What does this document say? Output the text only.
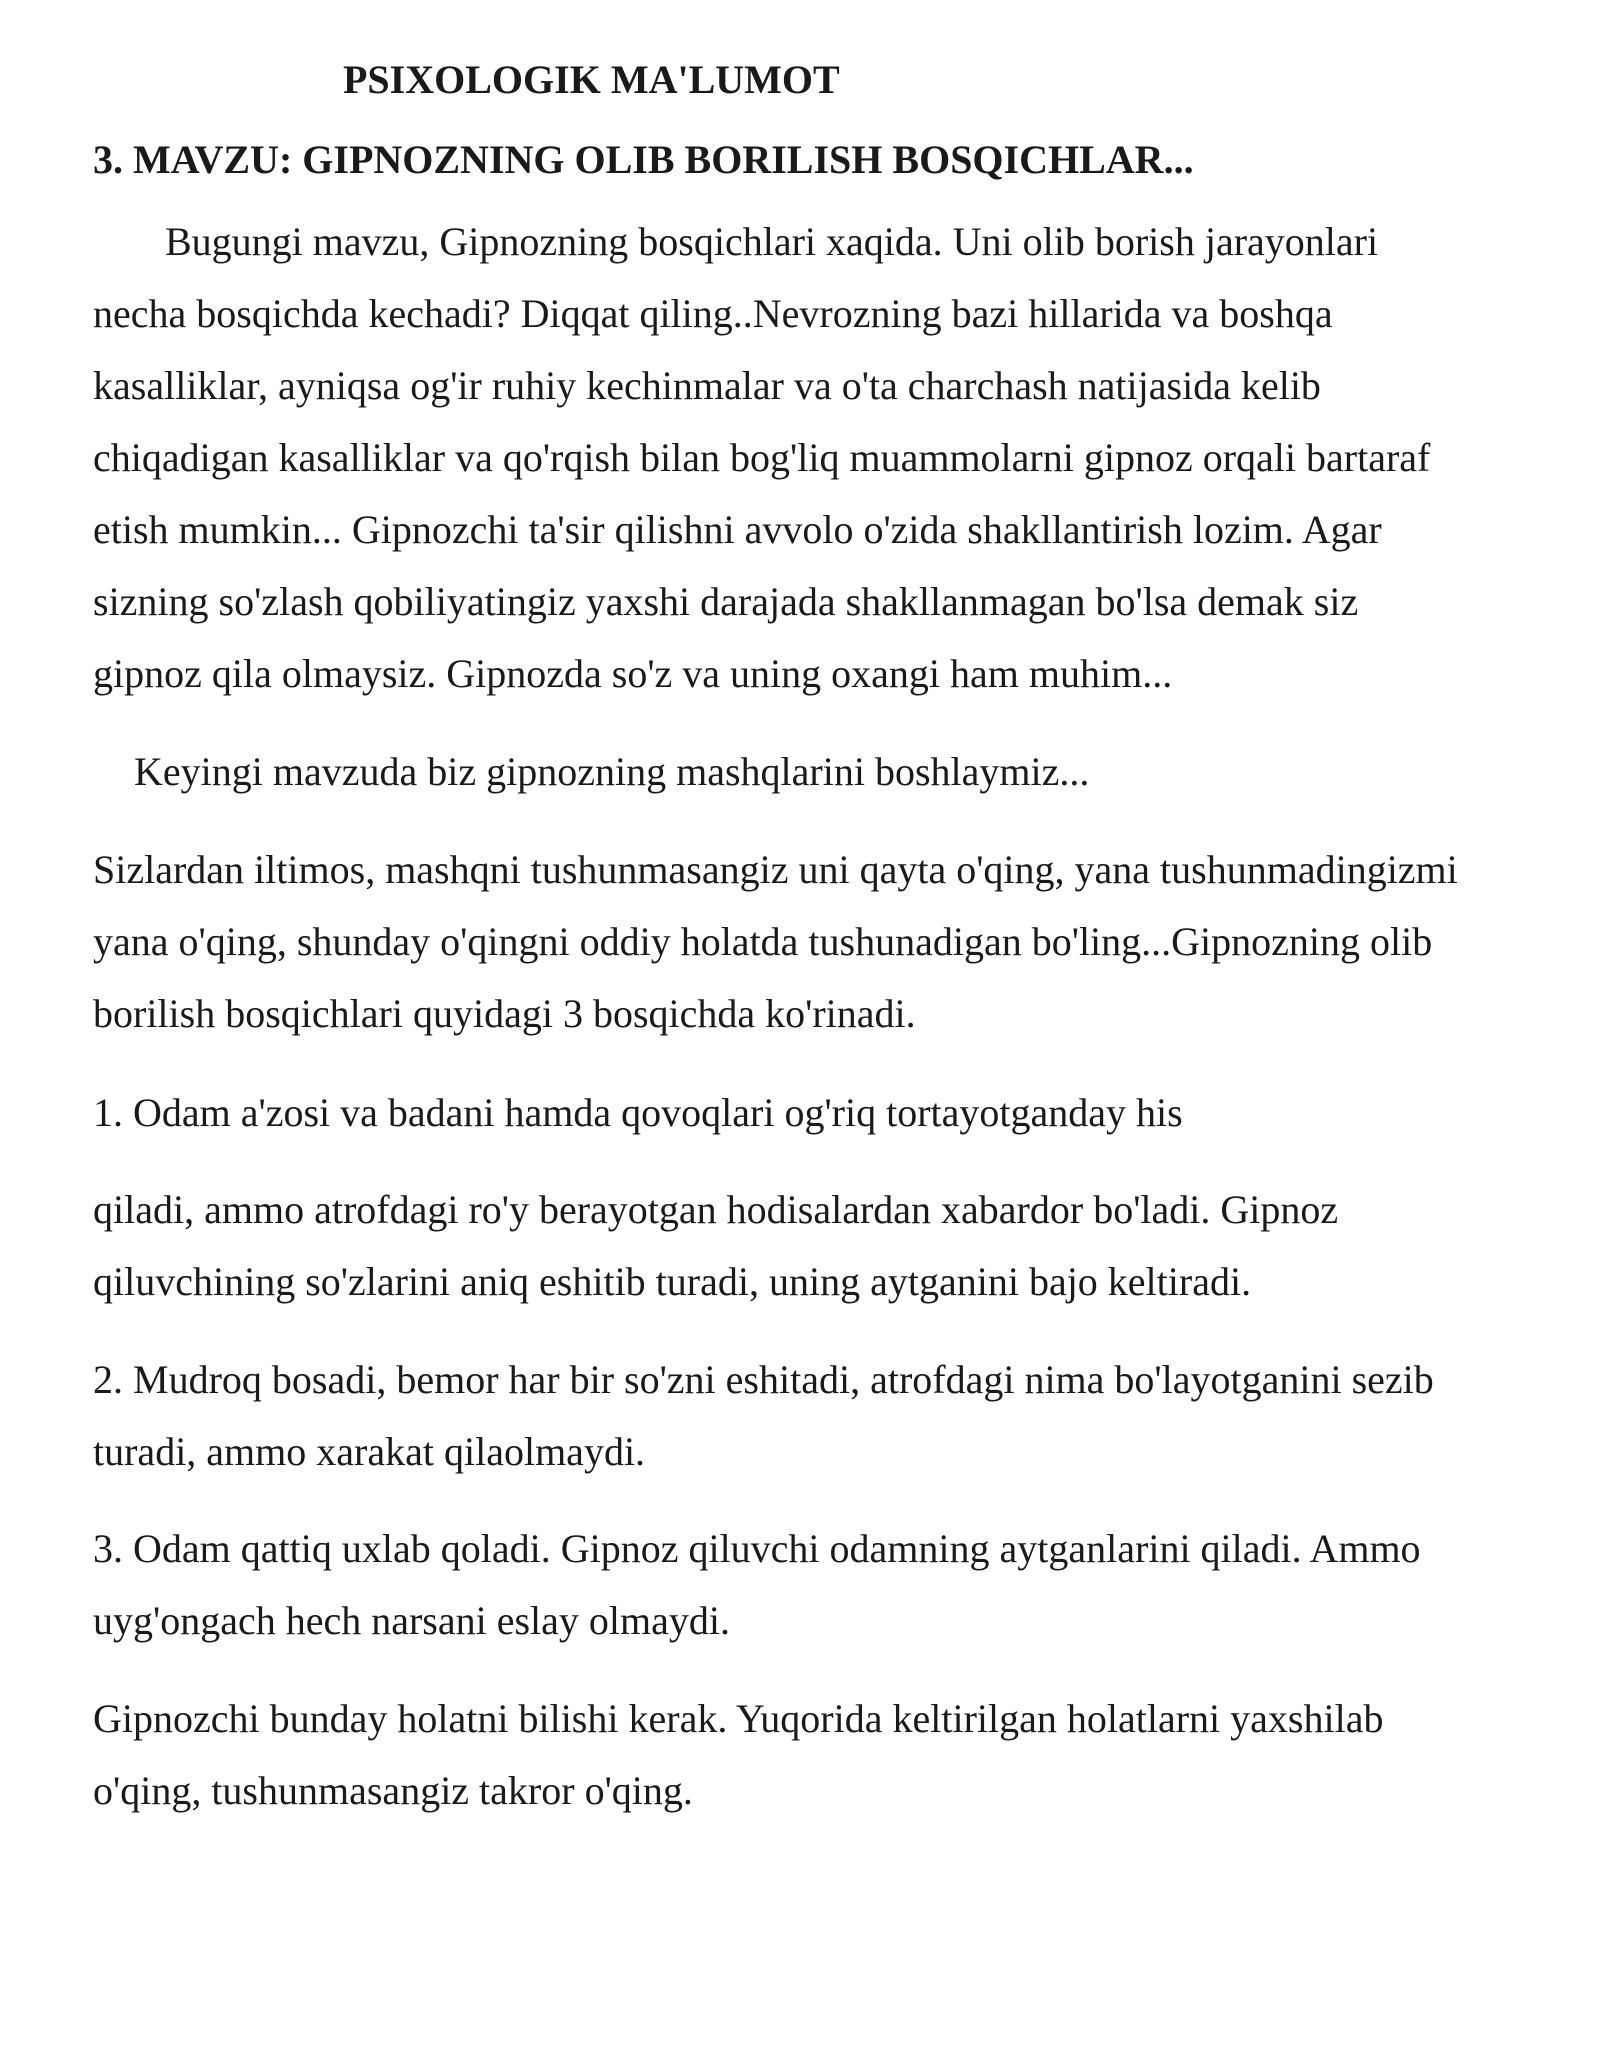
PSIXOLOGIK MA'LUMOT

3. MAVZU: GIPNOZNING OLIB BORILISH BOSQICHLAR...

Bugungi mavzu, Gipnozning bosqichlari xaqida. Uni olib borish jarayonlari

necha bosqichda kechadi? Diqqat qiling..Nevrozning bazi hillarida va boshqa

kasalliklar, ayniqsa og'ir ruhiy kechinmalar va o'ta charchash natijasida kelib

chiqadigan kasalliklar va qo'rqish bilan bog'liq muammolarni gipnoz orqali bartaraf

etish mumkin... Gipnozchi ta'sir qilishni avvolo o'zida shakllantirish lozim. Agar

sizning so'zlash qobiliyatingiz yaxshi darajada shakllanmagan bo'lsa demak siz

gipnoz qila olmaysiz. Gipnozda so'z va uning oxangi ham muhim...

Keyingi mavzuda biz gipnozning mashqlarini boshlaymiz...

Sizlardan iltimos, mashqni tushunmasangiz uni qayta o'qing, yana tushunmadingizmi

yana o'qing, shunday o'qingni oddiy holatda tushunadigan bo'ling...Gipnozning olib

borilish bosqichlari quyidagi 3 bosqichda ko'rinadi.

1. Odam a'zosi va badani hamda qovoqlari og'riq tortayotganday his

qiladi, ammo atrofdagi ro'y berayotgan hodisalardan xabardor bo'ladi. Gipnoz

qiluvchining so'zlarini aniq eshitib turadi, uning aytganini bajo keltiradi.

2. Mudroq bosadi, bemor har bir so'zni eshitadi, atrofdagi nima bo'layotganini sezib

turadi, ammo xarakat qilaolmaydi.

3. Odam qattiq uxlab qoladi. Gipnoz qiluvchi odamning aytganlarini qiladi. Ammo

uyg'ongach hech narsani eslay olmaydi.

Gipnozchi bunday holatni bilishi kerak. Yuqorida keltirilgan holatlarni yaxshilab

o'qing, tushunmasangiz takror o'qing.
